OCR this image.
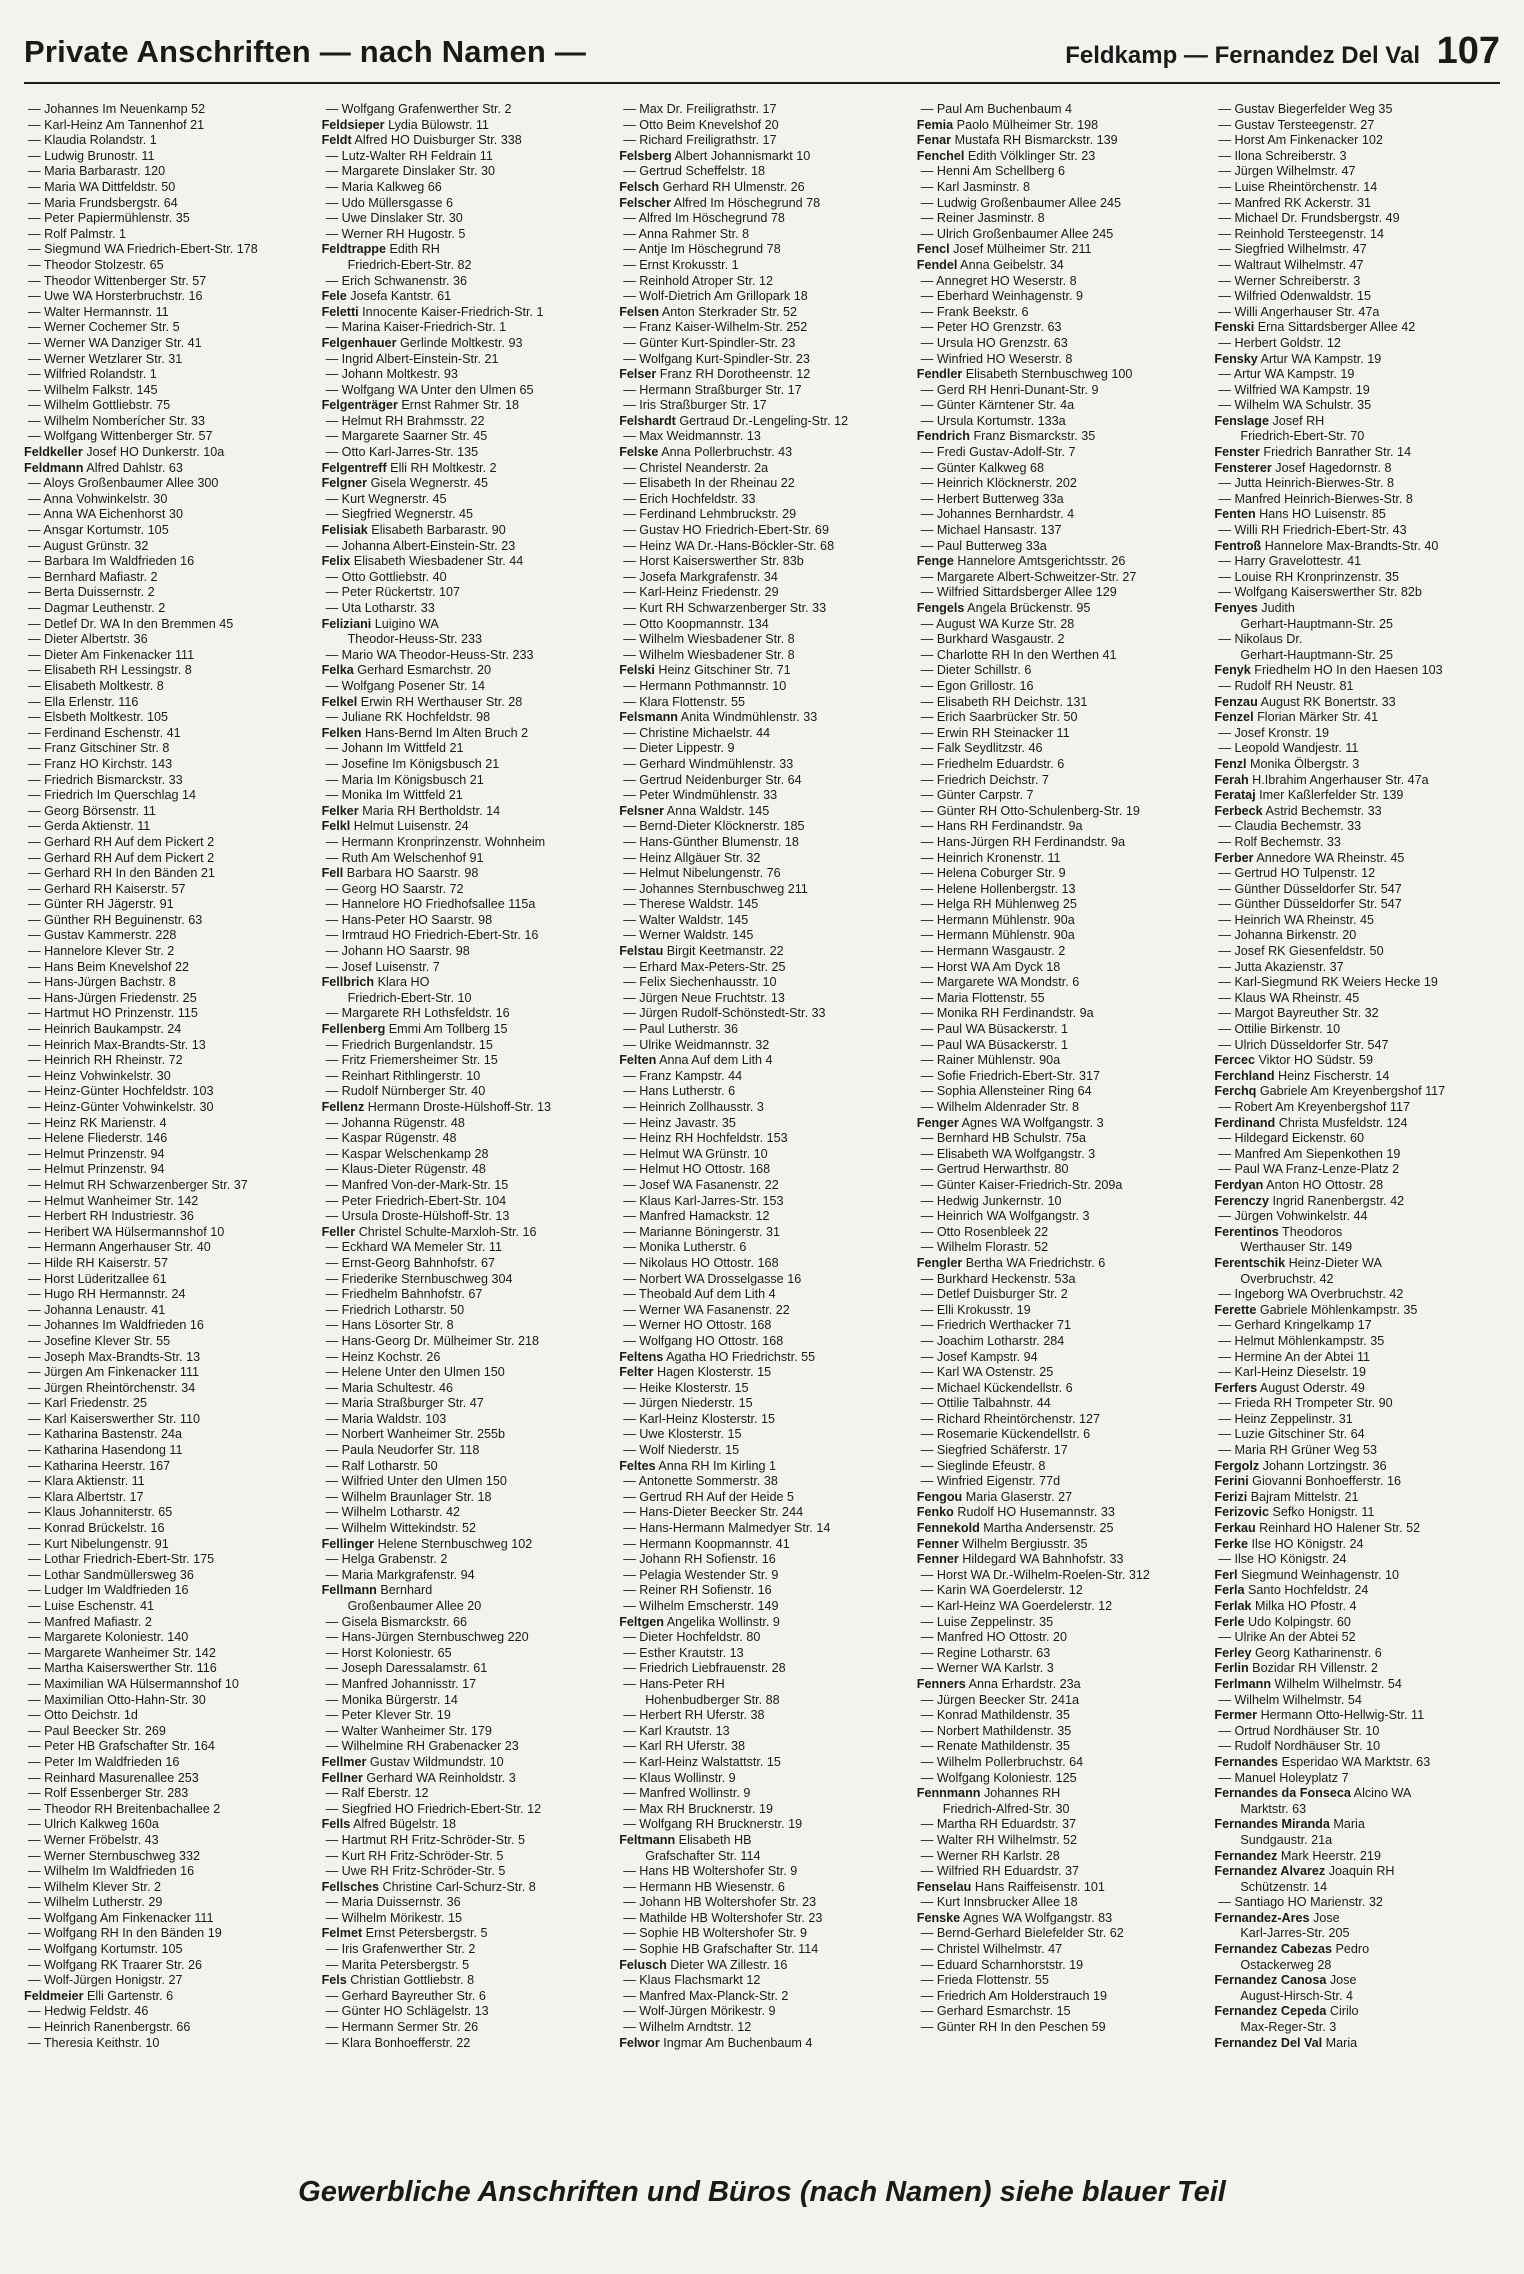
Private Anschriften — nach Namen —	Feldkamp — Fernandez Del Val 107
— Johannes Im Neuenkamp 52
— Karl-Heinz Am Tannenhof 21
— Klaudia Rolandstr. 1
— Ludwig Brunostr. 11
— Maria Barbarastr. 120
— Maria WA Dittfeldstr. 50
— Maria Frundsbergstr. 64
— Peter Papiermühlenstr. 35
— Rolf Palmstr. 1
— Siegmund WA Friedrich-Ebert-Str. 178
— Theodor Stolzestr. 65
— Theodor Wittenberger Str. 57
— Uwe WA Horsterbruchstr. 16
— Walter Hermannstr. 11
— Werner Cochemer Str. 5
— Werner WA Danziger Str. 41
— Werner Wetzlarer Str. 31
— Wilfried Rolandstr. 1
— Wilhelm Falkstr. 145
— Wilhelm Gottliebstr. 75
— Wilhelm Nomberícher Str. 33
— Wolfgang Wittenberger Str. 57
Feldkeller Josef HO Dunkerstr. 10a
Feldmann Alfred Dahlstr. 63
— Aloys Großenbaumer Allee 300
— Anna Vohwinkelstr. 30
— Anna WA Eichenhorst 30
— Ansgar Kortumstr. 105
— August Grünstr. 32
— Barbara Im Waldfrieden 16
— Bernhard Mafiastr. 2
— Berta Duissernstr. 2
— Dagmar Leuthenstr. 2
— Detlef Dr. WA In den Bremmen 45
— Dieter Albertstr. 36
— Dieter Am Finkenacker 111
— Elisabeth RH Lessingstr. 8
— Elisabeth Moltkestr. 8
— Ella Erlenstr. 116
— Elsbeth Moltkestr. 105
— Ferdinand Eschenstr. 41
— Franz Gitschiner Str. 8
— Franz HO Kirchstr. 143
— Friedrich Bismarckstr. 33
— Friedrich Im Querschlag 14
— Georg Börsenstr. 11
— Gerda Aktienstr. 11
— Gerhard RH Auf dem Pickert 2
— Gerhard RH Auf dem Pickert 2
— Gerhard RH In den Bänden 21
— Gerhard RH Kaiserstr. 57
— Günter RH Jägerstr. 91
— Günther RH Beguinenstr. 63
— Gustav Kammerstr. 228
— Hannelore Klever Str. 2
— Hans Beim Knevelshof 22
— Hans-Jürgen Bachstr. 8
— Hans-Jürgen Friedenstr. 25
— Hartmut HO Prinzenstr. 115
— Heinrich Baukampstr. 24
— Heinrich Max-Brandts-Str. 13
— Heinrich RH Rheinstr. 72
— Heinz Vohwinkelstr. 30
— Heinz-Günter Hochfeldstr. 103
— Heinz-Günter Vohwinkelstr. 30
— Heinz RK Marienstr. 4
— Helene Fliederstr. 146
— Helmut Prinzenstr. 94
— Helmut Prinzenstr. 94
— Helmut RH Schwarzenberger Str. 37
— Helmut Wanheimer Str. 142
— Herbert RH Industriestr. 36
— Heribert WA Hülsermannshof 10
— Hermann Angerhauser Str. 40
— Hilde RH Kaiserstr. 57
— Horst Lüderitzallee 61
— Hugo RH Hermannstr. 24
— Johanna Lenaustr. 41
— Johannes Im Waldfrieden 16
— Josefine Klever Str. 55
— Joseph Max-Brandts-Str. 13
— Jürgen Am Finkenacker 111
— Jürgen Rheintörchenstr. 34
— Karl Friedenstr. 25
— Karl Kaiserswerther Str. 110
— Katharina Bastenstr. 24a
— Katharina Hasendong 11
— Katharina Heerstr. 167
— Klara Aktienstr. 11
— Klara Albertstr. 17
— Klaus Johanniterstr. 65
— Konrad Brückelstr. 16
— Kurt Nibelungenstr. 91
— Lothar Friedrich-Ebert-Str. 175
— Lothar Sandmüllersweg 36
— Ludger Im Waldfrieden 16
— Luise Eschenstr. 41
— Manfred Mafiastr. 2
— Margarete Koloniestr. 140
— Margarete Wanheimer Str. 142
— Martha Kaiserswerther Str. 116
— Maximilian WA Hülsermannshof 10
— Maximilian Otto-Hahn-Str. 30
— Otto Deichstr. 1d
— Paul Beecker Str. 269
— Peter HB Grafschafter Str. 164
— Peter Im Waldfrieden 16
— Reinhard Masurenallee 253
— Rolf Essenberger Str. 283
— Theodor RH Breitenbachallee 2
— Ulrich Kalkweg 160a
— Werner Fröbelstr. 43
— Werner Sternbuschweg 332
— Wilhelm Im Waldfrieden 16
— Wilhelm Klever Str. 2
— Wilhelm Lutherstr. 29
— Wolfgang Am Finkenacker 111
— Wolfgang RH In den Bänden 19
— Wolfgang Kortumstr. 105
— Wolfgang RK Traarer Str. 26
— Wolf-Jürgen Honigstr. 27
Feldmeier Elli Gartenstr. 6
— Hedwig Feldstr. 46
— Heinrich Ranenbergstr. 66
— Theresia Keithstr. 10
— Wolfgang Grafenwerther Str. 2
Feldsieper Lydia Bülowstr. 11
Feldt Alfred HO Duisburger Str. 338
— Lutz-Walter RH Feldrain 11
— Margarete Dinslaker Str. 30
— Maria Kalkweg 66
— Udo Müllersgasse 6
— Uwe Dinslaker Str. 30
— Werner RH Hugostr. 5
Feldtrappe Edith RH
Friedrich-Ebert-Str. 82
— Erich Schwanenstr. 36
Fele Josefa Kantstr. 61
Feletti Innocente Kaiser-Friedrich-Str. 1
— Marina Kaiser-Friedrich-Str. 1
Felgenhauer Gerlinde Moltkestr. 93
— Ingrid Albert-Einstein-Str. 21
— Johann Moltkestr. 93
— Wolfgang WA Unter den Ulmen 65
Felgenträger Ernst Rahmer Str. 18
— Helmut RH Brahmsstr. 22
— Margarete Saarner Str. 45
— Otto Karl-Jarres-Str. 135
Felgentreff Elli RH Moltkestr. 2
Felgner Gisela Wegnerstr. 45
— Kurt Wegnerstr. 45
— Siegfried Wegnerstr. 45
Felisiak Elisabeth Barbarastr. 90
— Johanna Albert-Einstein-Str. 23
Felix Elisabeth Wiesbadener Str. 44
— Otto Gottliebstr. 40
— Peter Rückertstr. 107
— Uta Lotharstr. 33
Feliziani Luigino WA
Theodor-Heuss-Str. 233
— Mario WA Theodor-Heuss-Str. 233
Felka Gerhard Esmarchstr. 20
— Wolfgang Posener Str. 14
Felkel Erwin RH Werthauser Str. 28
— Juliane RK Hochfeldstr. 98
Felken Hans-Bernd Im Alten Bruch 2
— Johann Im Wittfeld 21
— Josefine Im Königsbusch 21
— Maria Im Königsbusch 21
— Monika Im Wittfeld 21
Felker Maria RH Bertholdstr. 14
Felkl Helmut Luisenstr. 24
— Hermann Kronprinzenstr. Wohnheim
— Ruth Am Welschenhof 91
Fell Barbara HO Saarstr. 98
— Georg HO Saarstr. 72
— Hannelore HO Friedhofsallee 115a
— Hans-Peter HO Saarstr. 98
— Irmtraud HO Friedrich-Ebert-Str. 16
— Johann HO Saarstr. 98
— Josef Luisenstr. 7
Fellbrich Klara HO
Friedrich-Ebert-Str. 10
— Margarete RH Lothsfeldstr. 16
Fellenberg Emmi Am Tollberg 15
— Friedrich Burgenlandstr. 15
— Fritz Friemersheimer Str. 15
— Reinhart Rithlingerstr. 10
— Rudolf Nürnberger Str. 40
Fellenz Hermann Droste-Hülshoff-Str. 13
— Johanna Rügenstr. 48
— Kaspar Rügenstr. 48
— Kaspar Welschenkamp 28
— Klaus-Dieter Rügenstr. 48
— Manfred Von-der-Mark-Str. 15
— Peter Friedrich-Ebert-Str. 104
— Ursula Droste-Hülshoff-Str. 13
Feller Christel Schulte-Marxloh-Str. 16
— Eckhard WA Memeler Str. 11
— Ernst-Georg Bahnhofstr. 67
— Friederike Sternbuschweg 304
— Friedhelm Bahnhofstr. 67
— Friedrich Lotharstr. 50
— Hans Lösorter Str. 8
— Hans-Georg Dr. Mülheimer Str. 218
— Heinz Kochstr. 26
— Helene Unter den Ulmen 150
— Maria Schultestr. 46
— Maria Straßburger Str. 47
— Maria Waldstr. 103
— Norbert Wanheimer Str. 255b
— Paula Neudorfer Str. 118
— Ralf Lotharstr. 50
— Wilfried Unter den Ulmen 150
— Wilhelm Braunlager Str. 18
— Wilhelm Lotharstr. 42
— Wilhelm Wittekindstr. 52
Fellinger Helene Sternbuschweg 102
— Helga Grabenstr. 2
— Maria Markgrafenstr. 94
Fellmann Bernhard
Großenbaumer Allee 20
— Gisela Bismarckstr. 66
— Hans-Jürgen Sternbuschweg 220
— Horst Koloniestr. 65
— Joseph Daressalamstr. 61
— Manfred Johannisstr. 17
— Monika Bürgerstr. 14
— Peter Klever Str. 19
— Walter Wanheimer Str. 179
— Wilhelmine RH Grabenacker 23
Fellmer Gustav Wildmundstr. 10
Fellner Gerhard WA Reinholdstr. 3
— Ralf Eberstr. 12
— Siegfried HO Friedrich-Ebert-Str. 12
Fells Alfred Bügelstr. 18
— Hartmut RH Fritz-Schröder-Str. 5
— Kurt RH Fritz-Schröder-Str. 5
— Uwe RH Fritz-Schröder-Str. 5
Fellsches Christine Carl-Schurz-Str. 8
— Maria Duissernstr. 36
— Wilhelm Mörikestr. 15
Felmet Ernst Petersbergstr. 5
— Iris Grafenwerther Str. 2
— Marita Petersbergstr. 5
Fels Christian Gottliebstr. 8
— Gerhard Bayreuther Str. 6
— Günter HO Schlägelstr. 13
— Hermann Sermer Str. 26
— Klara Bonhoefferstr. 22
— Max Dr. Freiligrathstr. 17
— Otto Beim Knevelshof 20
— Richard Freiligrathstr. 17
Felsberg Albert Johannismarkt 10
— Gertrud Scheffelstr. 18
Felsch Gerhard RH Ulmenstr. 26
Felscher Alfred Im Höschegrund 78
— Alfred Im Höschegrund 78
— Anna Rahmer Str. 8
— Antje Im Höschegrund 78
— Ernst Krokusstr. 1
— Reinhold Atroper Str. 12
— Wolf-Dietrich Am Grillopark 18
Felsen Anton Sterkrader Str. 52
— Franz Kaiser-Wilhelm-Str. 252
— Günter Kurt-Spindler-Str. 23
— Wolfgang Kurt-Spindler-Str. 23
Felser Franz RH Dorotheenstr. 12
— Hermann Straßburger Str. 17
— Iris Straßburger Str. 17
Felshardt Gertraud Dr.-Lengeling-Str. 12
— Max Weidmannstr. 13
Felske Anna Pollerbruchstr. 43
— Christel Neanderstr. 2a
— Elisabeth In der Rheinau 22
— Erich Hochfeldstr. 33
— Ferdinand Lehmbruckstr. 29
— Gustav HO Friedrich-Ebert-Str. 69
— Heinz WA Dr.-Hans-Böckler-Str. 68
— Horst Kaiserswerther Str. 83b
— Josefa Markgrafenstr. 34
— Karl-Heinz Friedenstr. 29
— Kurt RH Schwarzenberger Str. 33
— Otto Koopmannstr. 134
— Wilhelm Wiesbadener Str. 8
— Wilhelm Wiesbadener Str. 8
Felski Heinz Gitschiner Str. 71
— Hermann Pothmannstr. 10
— Klara Flottenstr. 55
Felsmann Anita Windmühlenstr. 33
— Christine Michaelstr. 44
— Dieter Lippestr. 9
— Gerhard Windmühlenstr. 33
— Gertrud Neidenburger Str. 64
— Peter Windmühlenstr. 33
Felsner Anna Waldstr. 145
— Bernd-Dieter Klöcknerstr. 185
— Hans-Günther Blumenstr. 18
— Heinz Allgäuer Str. 32
— Helmut Nibelungenstr. 76
— Johannes Sternbuschweg 211
— Therese Waldstr. 145
— Walter Waldstr. 145
— Werner Waldstr. 145
Felstau Birgit Keetmanstr. 22
— Erhard Max-Peters-Str. 25
— Felix Siechenhausstr. 10
— Jürgen Neue Fruchtstr. 13
— Jürgen Rudolf-Schönstedt-Str. 33
— Paul Lutherstr. 36
— Ulrike Weidmannstr. 32
Felten Anna Auf dem Lith 4
— Franz Kampstr. 44
— Hans Lutherstr. 6
— Heinrich Zollhausstr. 3
— Heinz Javastr. 35
— Heinz RH Hochfeldstr. 153
— Helmut WA Grünstr. 10
— Helmut HO Ottostr. 168
— Josef WA Fasanenstr. 22
— Klaus Karl-Jarres-Str. 153
— Manfred Hamackstr. 12
— Marianne Böningerstr. 31
— Monika Lutherstr. 6
— Nikolaus HO Ottostr. 168
— Norbert WA Drosselgasse 16
— Theobald Auf dem Lith 4
— Werner WA Fasanenstr. 22
— Werner HO Ottostr. 168
— Wolfgang HO Ottostr. 168
Feltens Agatha HO Friedrichstr. 55
Felter Hagen Klosterstr. 15
— Heike Klosterstr. 15
— Jürgen Niederstr. 15
— Karl-Heinz Klosterstr. 15
— Uwe Klosterstr. 15
— Wolf Niederstr. 15
Feltes Anna RH Im Kirling 1
— Antonette Sommerstr. 38
— Gertrud RH Auf der Heide 5
— Hans-Dieter Beecker Str. 244
— Hans-Hermann Malmedyer Str. 14
— Hermann Koopmannstr. 41
— Johann RH Sofienstr. 16
— Pelagia Westender Str. 9
— Reiner RH Sofienstr. 16
— Wilhelm Emscherstr. 149
Feltgen Angelika Wollinstr. 9
— Dieter Hochfeldstr. 80
— Esther Krautstr. 13
— Friedrich Liebfrauenstr. 28
— Hans-Peter RH
Hohenbudberger Str. 88
— Herbert RH Uferstr. 38
— Karl Krautstr. 13
— Karl RH Uferstr. 38
— Karl-Heinz Walstattstr. 15
— Klaus Wollinstr. 9
— Manfred Wollinstr. 9
— Max RH Brucknerstr. 19
— Wolfgang RH Brucknerstr. 19
Feltmann Elisabeth HB
Grafschafter Str. 114
— Hans HB Woltershofer Str. 9
— Hermann HB Wiesenstr. 6
— Johann HB Woltershofer Str. 23
— Mathilde HB Woltershofer Str. 23
— Sophie HB Woltershofer Str. 9
— Sophie HB Grafschafter Str. 114
Felusch Dieter WA Zillestr. 16
— Klaus Flachsmarkt 12
— Manfred Max-Planck-Str. 2
— Wolf-Jürgen Mörikestr. 9
— Wilhelm Arndtstr. 12
Felwor Ingmar Am Buchenbaum 4
— Paul Am Buchenbaum 4
Femia Paolo Mülheimer Str. 198
Fenar Mustafa RH Bismarckstr. 139
Fenchel Edith Völklinger Str. 23
— Henni Am Schellberg 6
— Karl Jasminstr. 8
— Ludwig Großenbaumer Allee 245
— Reiner Jasminstr. 8
— Ulrich Großenbaumer Allee 245
Fencl Josef Mülheimer Str. 211
Fendel Anna Geibelstr. 34
— Annegret HO Weserstr. 8
— Eberhard Weinhagenstr. 9
— Frank Beekstr. 6
— Peter HO Grenzstr. 63
— Ursula HO Grenzstr. 63
— Winfried HO Weserstr. 8
Fendler Elisabeth Sternbuschweg 100
— Gerd RH Henri-Dunant-Str. 9
— Günter Kärntener Str. 4a
— Ursula Kortumstr. 133a
Fendrich Franz Bismarckstr. 35
— Fredi Gustav-Adolf-Str. 7
— Günter Kalkweg 68
— Heinrich Klöcknerstr. 202
— Herbert Butterweg 33a
— Johannes Bernhardstr. 4
— Michael Hansastr. 137
— Paul Butterweg 33a
Fenge Hannelore Amtsgerichtsstr. 26
— Margarete Albert-Schweitzer-Str. 27
— Wilfried Sittardsberger Allee 129
Fengels Angela Brückenstr. 95
— August WA Kurze Str. 28
— Burkhard Wasgaustr. 2
— Charlotte RH In den Werthen 41
— Dieter Schillstr. 6
— Egon Grillostr. 16
— Elisabeth RH Deichstr. 131
— Erich Saarbrücker Str. 50
— Erwin RH Steinacker 11
— Falk Seydlitzstr. 46
— Friedhelm Eduardstr. 6
— Friedrich Deichstr. 7
— Günter Carpstr. 7
— Günter RH Otto-Schulenberg-Str. 19
— Hans RH Ferdinandstr. 9a
— Hans-Jürgen RH Ferdinandstr. 9a
— Heinrich Kronenstr. 11
— Helena Coburger Str. 9
— Helene Hollenbergstr. 13
— Helga RH Mühlenweg 25
— Hermann Mühlenstr. 90a
— Hermann Mühlenstr. 90a
— Hermann Wasgaustr. 2
— Horst WA Am Dyck 18
— Margarete WA Mondstr. 6
— Maria Flottenstr. 55
— Monika RH Ferdinandstr. 9a
— Paul WA Büsackerstr. 1
— Paul WA Büsackerstr. 1
— Rainer Mühlenstr. 90a
— Sofie Friedrich-Ebert-Str. 317
— Sophia Allensteiner Ring 64
— Wilhelm Aldenrader Str. 8
Fenger Agnes WA Wolfgangstr. 3
— Bernhard HB Schulstr. 75a
— Elisabeth WA Wolfgangstr. 3
— Gertrud Herwarthstr. 80
— Günter Kaiser-Friedrich-Str. 209a
— Hedwig Junkernstr. 10
— Heinrich WA Wolfgangstr. 3
— Otto Rosenbleek 22
— Wilhelm Florastr. 52
Fengler Bertha WA Friedrichstr. 6
— Burkhard Heckenstr. 53a
— Detlef Duisburger Str. 2
— Elli Krokusstr. 19
— Friedrich Werthacker 71
— Joachim Lotharstr. 284
— Josef Kampstr. 94
— Karl WA Ostenstr. 25
— Michael Kückendellstr. 6
— Ottilie Talbahnstr. 44
— Richard Rheintörchenstr. 127
— Rosemarie Kückendellstr. 6
— Siegfried Schäferstr. 17
— Sieglinde Efeustr. 8
— Winfried Eigenstr. 77d
Fengou Maria Glaserstr. 27
Fenko Rudolf HO Husemannstr. 33
Fennekold Martha Andersenstr. 25
Fenner Wilhelm Bergiusstr. 35
Fenner Hildegard WA Bahnhofstr. 33
— Horst WA Dr.-Wilhelm-Roelen-Str. 312
— Karin WA Goerdelerstr. 12
— Karl-Heinz WA Goerdelerstr. 12
— Luise Zeppelinstr. 35
— Manfred HO Ottostr. 20
— Regine Lotharstr. 63
— Werner WA Karlstr. 3
Fenners Anna Erhardstr. 23a
— Jürgen Beecker Str. 241a
— Konrad Mathildenstr. 35
— Norbert Mathildenstr. 35
— Renate Mathildenstr. 35
— Wilhelm Pollerbruchstr. 64
— Wolfgang Koloniestr. 125
Fennmann Johannes RH
Friedrich-Alfred-Str. 30
— Martha RH Eduardstr. 37
— Walter RH Wilhelmstr. 52
— Werner RH Karlstr. 28
— Wilfried RH Eduardstr. 37
Fenselau Hans Raiffeisenstr. 101
— Kurt Innsbrucker Allee 18
Fenske Agnes WA Wolfgangstr. 83
— Bernd-Gerhard Bielefelder Str. 62
— Christel Wilhelmstr. 47
— Eduard Scharnhorststr. 19
— Frieda Flottenstr. 55
— Friedrich Am Holderstrauch 19
— Gerhard Esmarchstr. 15
— Günter RH In den Peschen 59
— Gustav Biegerfelder Weg 35
— Gustav Tersteegenstr. 27
— Horst Am Finkenacker 102
— Ilona Schreiberstr. 3
— Jürgen Wilhelmstr. 47
— Luise Rheintörchenstr. 14
— Manfred RK Ackerstr. 31
— Michael Dr. Frundsbergstr. 49
— Reinhold Tersteegenstr. 14
— Siegfried Wilhelmstr. 47
— Waltraut Wilhelmstr. 47
— Werner Schreiberstr. 3
— Wilfried Odenwaldstr. 15
— Willi Angerhauser Str. 47a
Fenski Erna Sittardsberger Allee 42
— Herbert Goldstr. 12
Fensky Artur WA Kampstr. 19
— Artur WA Kampstr. 19
— Wilfried WA Kampstr. 19
— Wilhelm WA Schulstr. 35
Fenslage Josef RH
Friedrich-Ebert-Str. 70
Fenster Friedrich Banrather Str. 14
Fensterer Josef Hagedornstr. 8
— Jutta Heinrich-Bierwes-Str. 8
— Manfred Heinrich-Bierwes-Str. 8
Fenten Hans HO Luisenstr. 85
— Willi RH Friedrich-Ebert-Str. 43
Fentroß Hannelore Max-Brandts-Str. 40
— Harry Gravelottestr. 41
— Louise RH Kronprinzenstr. 35
— Wolfgang Kaiserswerther Str. 82b
Fenyes Judith
Gerhart-Hauptmann-Str. 25
— Nikolaus Dr.
Gerhart-Hauptmann-Str. 25
Fenyk Friedhelm HO In den Haesen 103
— Rudolf RH Neustr. 81
Fenzau August RK Bonertstr. 33
Fenzel Florian Märker Str. 41
— Josef Kronstr. 19
— Leopold Wandjestr. 11
Fenzl Monika Ölbergstr. 3
Ferah H.Ibrahim Angerhauser Str. 47a
Ferataj Imer Kaßlerfelder Str. 139
Ferbeck Astrid Bechemstr. 33
— Claudia Bechemstr. 33
— Rolf Bechemstr. 33
Ferber Annedore WA Rheinstr. 45
— Gertrud HO Tulpenstr. 12
— Günther Düsseldorfer Str. 547
— Günther Düsseldorfer Str. 547
— Heinrich WA Rheinstr. 45
— Johanna Birkenstr. 20
— Josef RK Giesenfeldstr. 50
— Jutta Akazienstr. 37
— Karl-Siegmund RK Weiers Hecke 19
— Klaus WA Rheinstr. 45
— Margot Bayreuther Str. 32
— Ottilie Birkenstr. 10
— Ulrich Düsseldorfer Str. 547
Fercec Viktor HO Südstr. 59
Ferchland Heinz Fischerstr. 14
Ferchq Gabriele Am Kreyenbergshof 117
— Robert Am Kreyenbergshof 117
Ferdinand Christa Musfeldstr. 124
— Hildegard Eickenstr. 60
— Manfred Am Siepenkothen 19
— Paul WA Franz-Lenze-Platz 2
Ferdyan Anton HO Ottostr. 28
Ferenczy Ingrid Ranenbergstr. 42
— Jürgen Vohwinkelstr. 44
Ferentinos Theodoros
Werthauser Str. 149
Ferentschik Heinz-Dieter WA
Overbruchstr. 42
— Ingeborg WA Overbruchstr. 42
Ferette Gabriele Möhlenkampstr. 35
— Gerhard Kringelkamp 17
— Helmut Möhlenkampstr. 35
— Hermine An der Abtei 11
— Karl-Heinz Dieselstr. 19
Ferfers August Oderstr. 49
— Frieda RH Trompeter Str. 90
— Heinz Zeppelinstr. 31
— Luzie Gitschiner Str. 64
— Maria RH Grüner Weg 53
Fergolz Johann Lortzingstr. 36
Ferini Giovanni Bonhoefferstr. 16
Ferizi Bajram Mittelstr. 21
Ferizovic Sefko Honigstr. 11
Ferkau Reinhard HO Halener Str. 52
Ferke Ilse HO Königstr. 24
— Ilse HO Königstr. 24
Ferl Siegmund Weinhagenstr. 10
Ferla Santo Hochfeldstr. 24
Ferlak Milka HO Pfostr. 4
Ferle Udo Kolpingstr. 60
— Ulrike An der Abtei 52
Ferley Georg Katharinenstr. 6
Ferlin Bozidar RH Villenstr. 2
Ferlmann Wilhelm Wilhelmstr. 54
— Wilhelm Wilhelmstr. 54
Fermer Hermann Otto-Hellwig-Str. 11
— Ortrud Nordhäuser Str. 10
— Rudolf Nordhäuser Str. 10
Fernandes Esperidao WA Marktstr. 63
— Manuel Holeyplatz 7
Fernandes da Fonseca Alcino WA
Marktstr. 63
Fernandes Miranda Maria
Sundgaustr. 21a
Fernandez Mark Heerstr. 219
Fernandez Alvarez Joaquin RH
Schützenstr. 14
— Santiago HO Marienstr. 32
Fernandez-Ares Jose
Karl-Jarres-Str. 205
Fernandez Cabezas Pedro
Ostackerweg 28
Fernandez Canosa Jose
August-Hirsch-Str. 4
Fernandez Cepeda Cirilo
Max-Reger-Str. 3
Fernandez Del Val Maria
Gewerbliche Anschriften und Büros (nach Namen) siehe blauer Teil
